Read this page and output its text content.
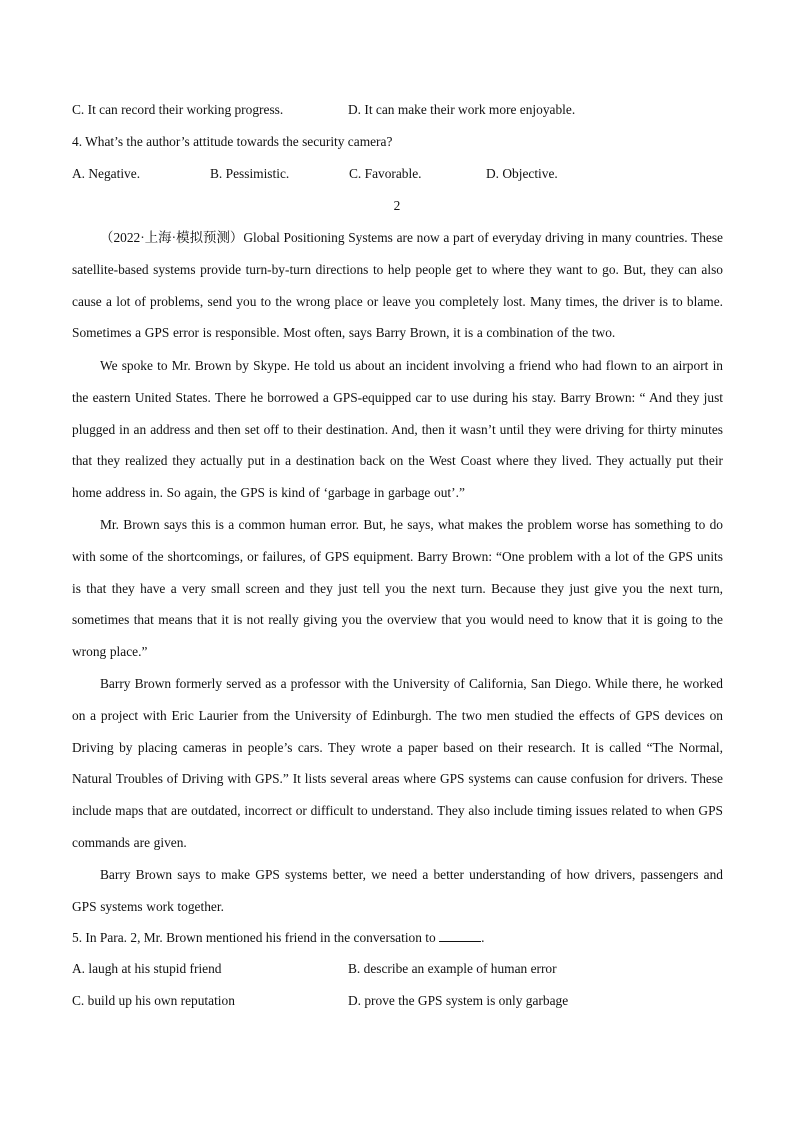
C. It can record their working progress.	D. It can make their work more enjoyable.
4. What’s the author’s attitude towards the security camera?
A. Negative.	B. Pessimistic.	C. Favorable.	D. Objective.
2
（2022·上海·模拟预测）Global Positioning Systems are now a part of everyday driving in many countries. These satellite-based systems provide turn-by-turn directions to help people get to where they want to go. But, they can also cause a lot of problems, send you to the wrong place or leave you completely lost. Many times, the driver is to blame. Sometimes a GPS error is responsible. Most often, says Barry Brown, it is a combination of the two.
We spoke to Mr. Brown by Skype. He told us about an incident involving a friend who had flown to an airport in the eastern United States. There he borrowed a GPS-equipped car to use during his stay. Barry Brown: “ And they just plugged in an address and then set off to their destination. And, then it wasn’t until they were driving for thirty minutes that they realized they actually put in a destination back on the West Coast where they lived. They actually put their home address in. So again, the GPS is kind of ‘garbage in garbage out’.”
Mr. Brown says this is a common human error. But, he says, what makes the problem worse has something to do with some of the shortcomings, or failures, of GPS equipment. Barry Brown: “One problem with a lot of the GPS units is that they have a very small screen and they just tell you the next turn. Because they just give you the next turn, sometimes that means that it is not really giving you the overview that you would need to know that it is going to the wrong place.”
Barry Brown formerly served as a professor with the University of California, San Diego. While there, he worked on a project with Eric Laurier from the University of Edinburgh. The two men studied the effects of GPS devices on Driving by placing cameras in people’s cars. They wrote a paper based on their research. It is called “The Normal, Natural Troubles of Driving with GPS.” It lists several areas where GPS systems can cause confusion for drivers. These include maps that are outdated, incorrect or difficult to understand. They also include timing issues related to when GPS commands are given.
Barry Brown says to make GPS systems better, we need a better understanding of how drivers, passengers and GPS systems work together.
5. In Para. 2, Mr. Brown mentioned his friend in the conversation to	.
A. laugh at his stupid friend	B. describe an example of human error
C. build up his own reputation	D. prove the GPS system is only garbage
